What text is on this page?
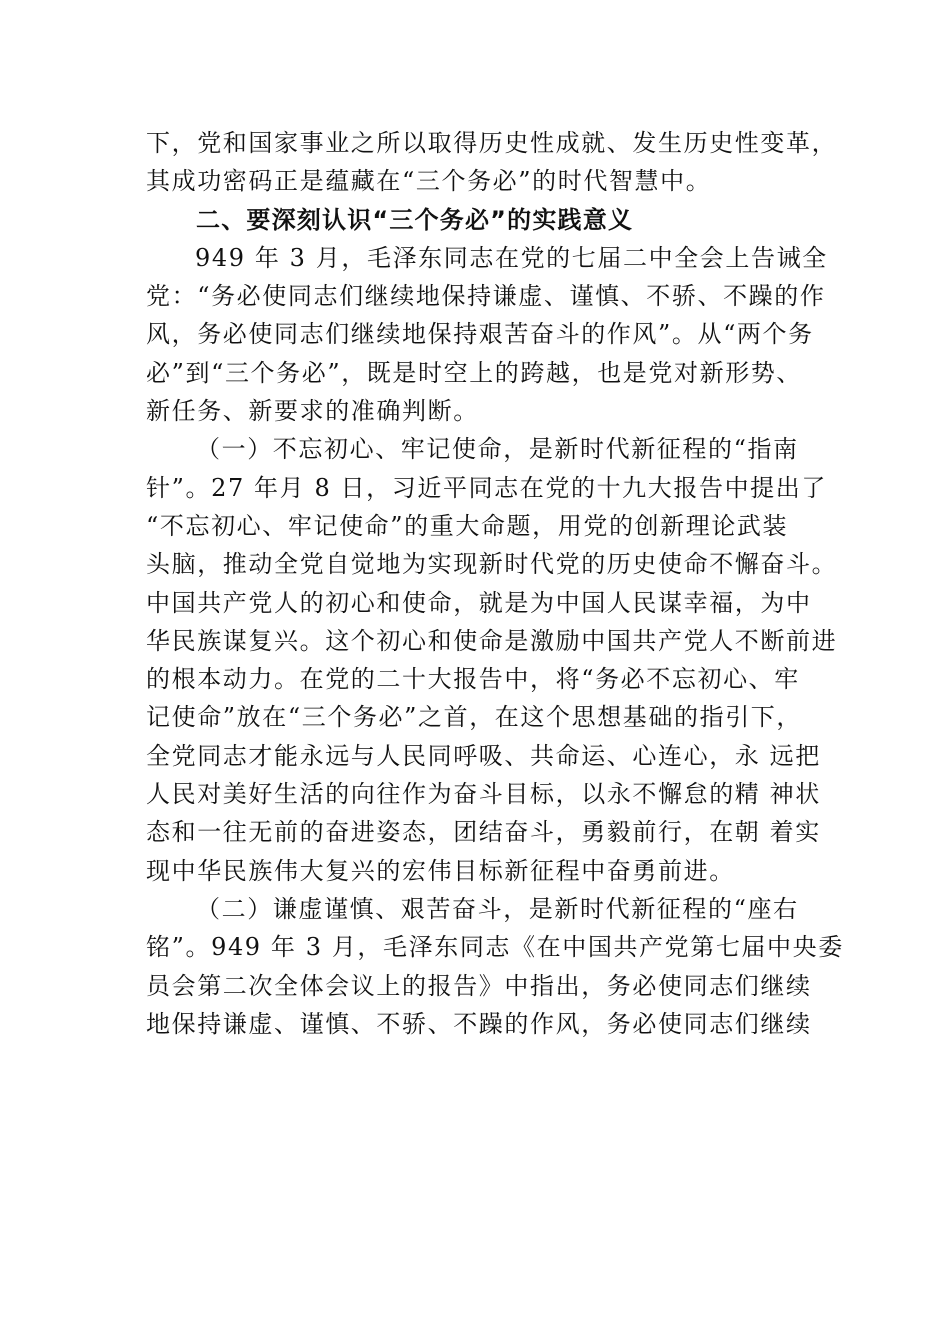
下，党和国家事业之所以取得历史性成就、发生历史性变革，
其成功密码正是蕴藏在“三个务必”的时代智慧中。
二、要深刻认识“三个务必”的实践意义
949 年 3 月，毛泽东同志在党的七届二中全会上告诫全
党：“务必使同志们继续地保持谦虚、谨慎、不骄、不躁的作
风，务必使同志们继续地保持艰苦奋斗的作风”。从“两个务
必”到“三个务必”，既是时空上的跨越，也是党对新形势、
新任务、新要求的准确判断。
（一）不忘初心、牢记使命，是新时代新征程的“指南
针”。27 年月 8 日，习近平同志在党的十九大报告中提出了
“不忘初心、牢记使命”的重大命题，用党的创新理论武装
头脑，推动全党自觉地为实现新时代党的历史使命不懈奋斗。
中国共产党人的初心和使命，就是为中国人民谋幸福，为中
华民族谋复兴。这个初心和使命是激励中国共产党人不断前进
的根本动力。在党的二十大报告中，将“务必不忘初心、牢
记使命”放在“三个务必”之首，在这个思想基础的指引下，
全党同志才能永远与人民同呼吸、共命运、心连心，永 远把
人民对美好生活的向往作为奋斗目标，以永不懈怠的精 神状
态和一往无前的奋进姿态，团结奋斗，勇毅前行，在朝 着实
现中华民族伟大复兴的宏伟目标新征程中奋勇前进。
（二）谦虚谨慎、艰苦奋斗，是新时代新征程的“座右
铭”。949 年 3 月，毛泽东同志《在中国共产党第七届中央委
员会第二次全体会议上的报告》中指出，务必使同志们继续
地保持谦虚、谨慎、不骄、不躁的作风，务必使同志们继续
